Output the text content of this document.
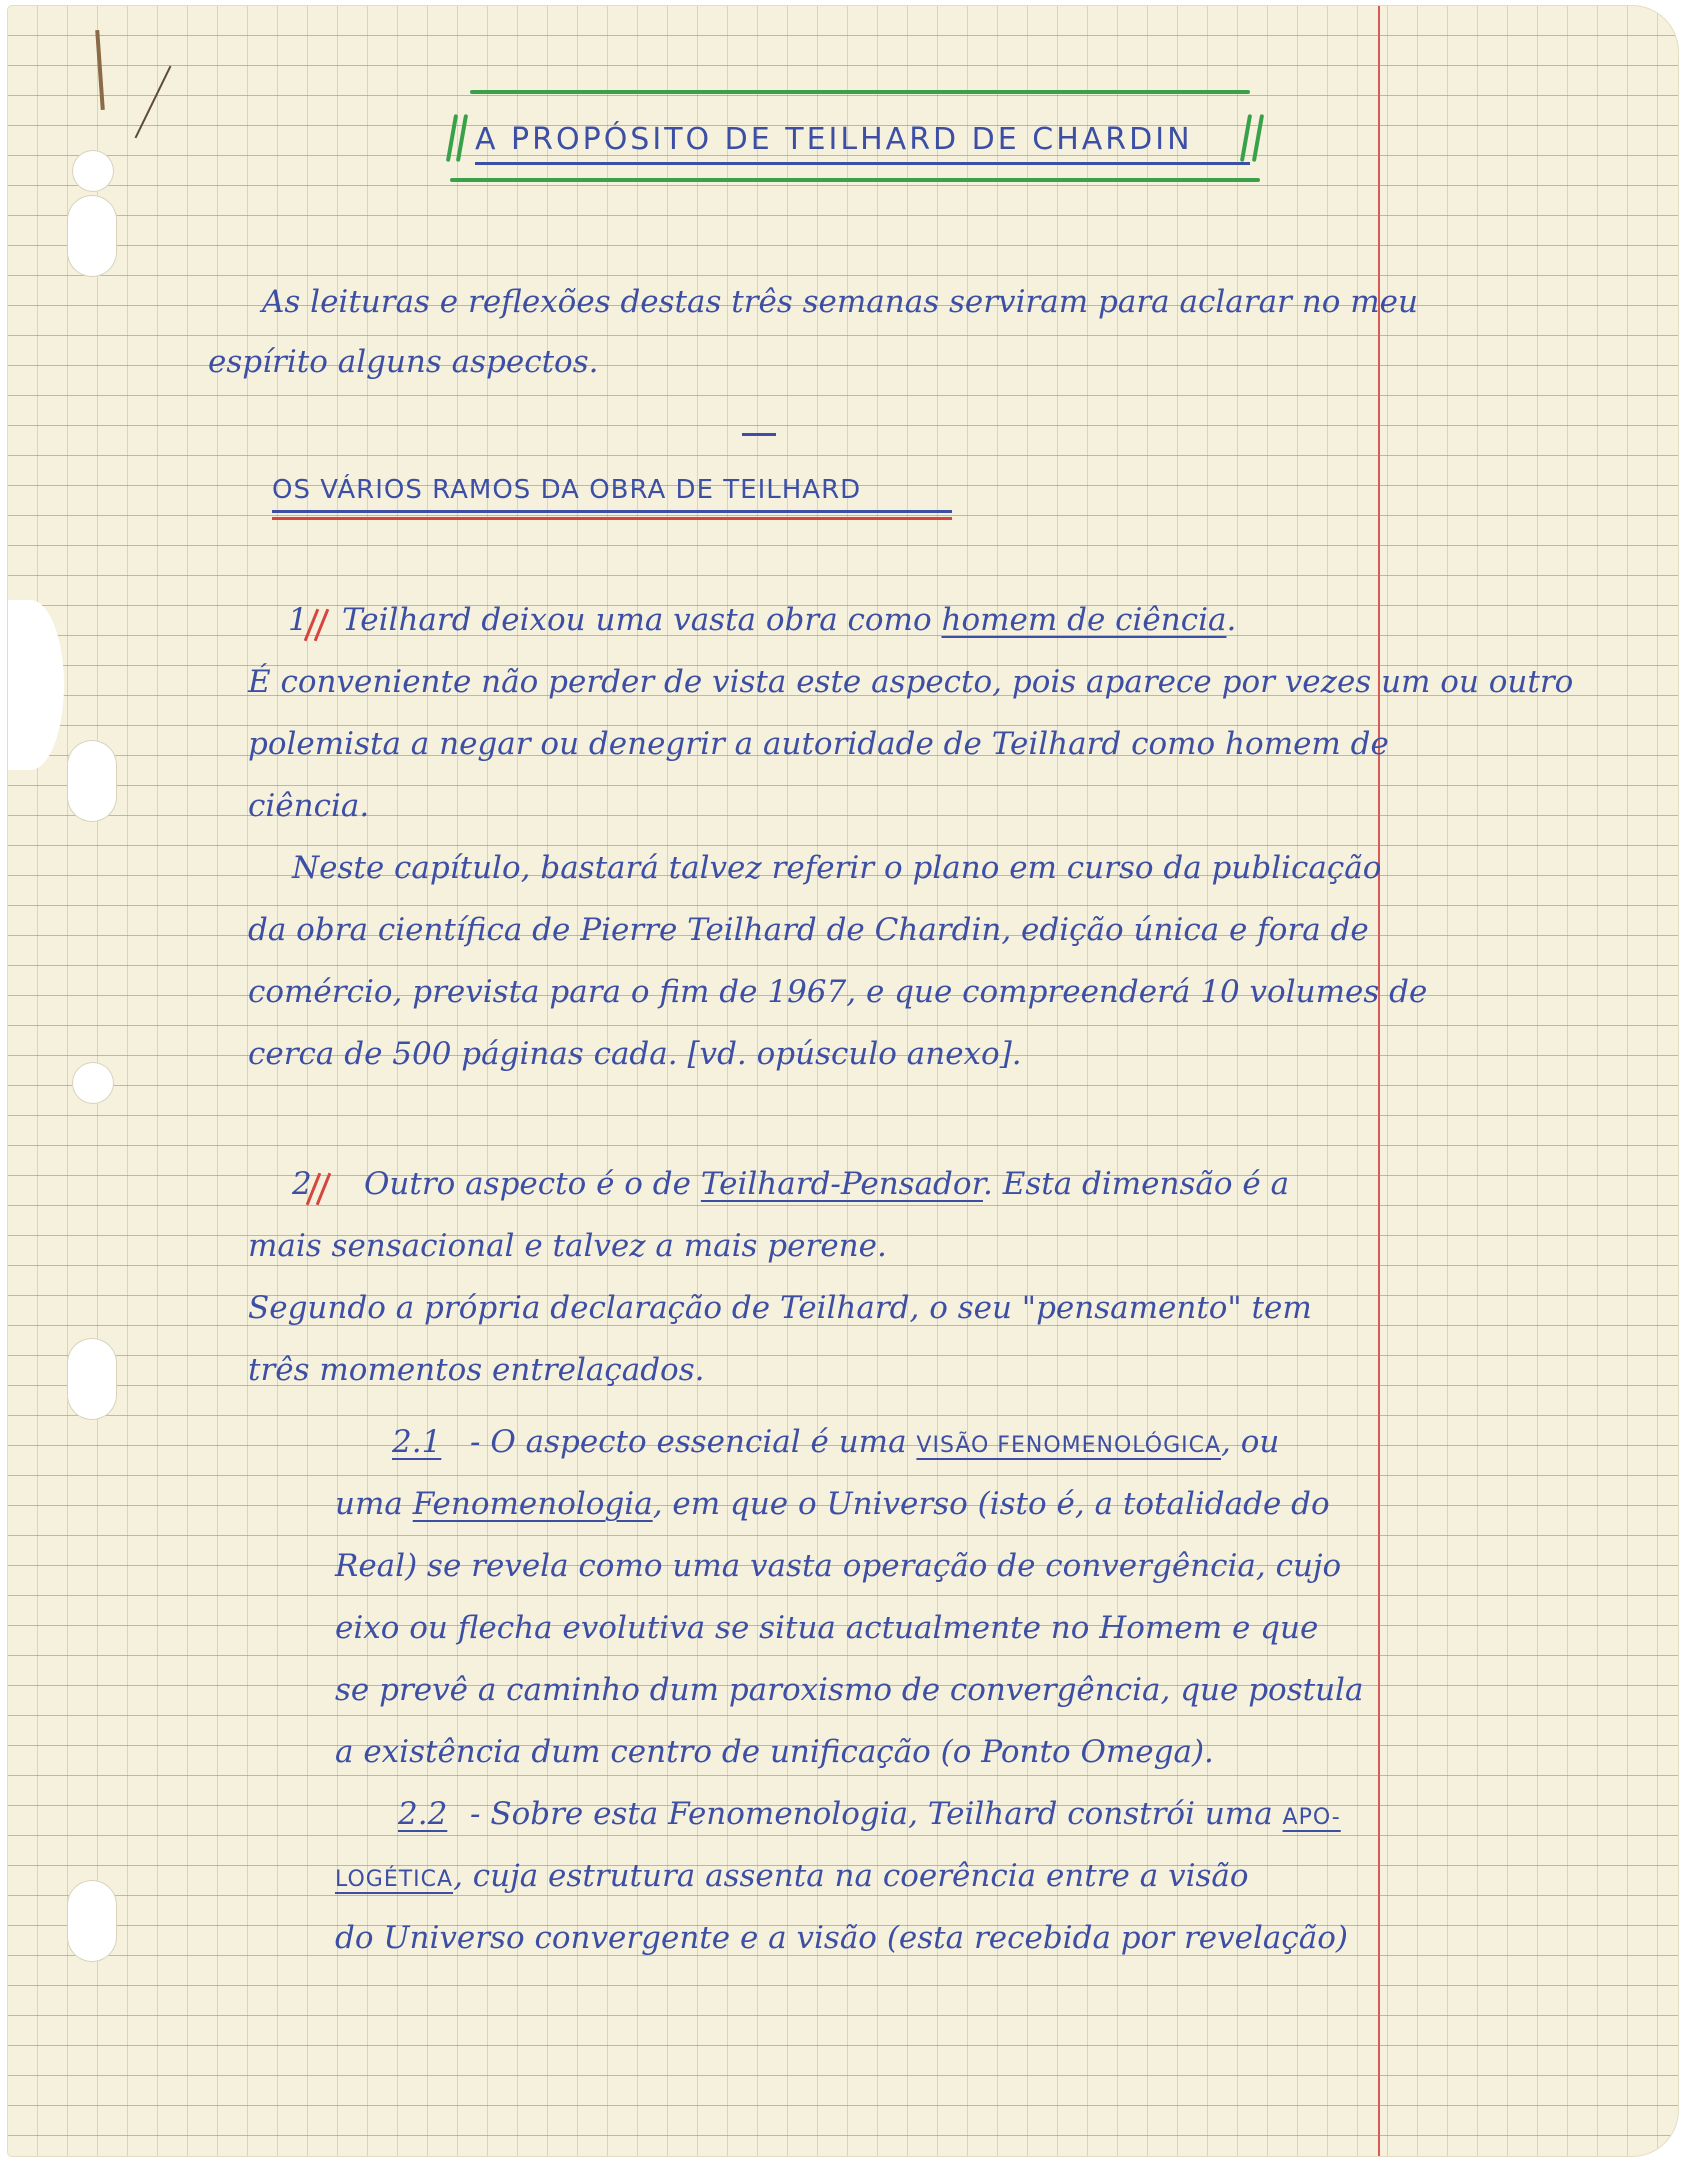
A PROPÓSITO DE TEILHARD DE CHARDIN

As leituras e reflexões destas três semanas serviram para aclarar no meu

espírito alguns aspectos.

OS VÁRIOS RAMOS DA OBRA DE TEILHARD

1 Teilhard deixou uma vasta obra como homem de ciência.

É conveniente não perder de vista este aspecto, pois aparece por vezes um ou outro

polemista a negar ou denegrir a autoridade de Teilhard como homem de

ciência.

Neste capítulo, bastará talvez referir o plano em curso da publicação

da obra científica de Pierre Teilhard de Chardin, edição única e fora de

comércio, prevista para o fim de 1967, e que compreenderá 10 volumes de

cerca de 500 páginas cada. [vd. opúsculo anexo].

2 Outro aspecto é o de Teilhard-Pensador. Esta dimensão é a

mais sensacional e talvez a mais perene.

Segundo a própria declaração de Teilhard, o seu "pensamento" tem

três momentos entrelaçados.

2.1 - O aspecto essencial é uma VISÃO FENOMENOLÓGICA, ou

uma Fenomenologia, em que o Universo (isto é, a totalidade do

Real) se revela como uma vasta operação de convergência, cujo

eixo ou flecha evolutiva se situa actualmente no Homem e que

se prevê a caminho dum paroxismo de convergência, que postula

a existência dum centro de unificação (o Ponto Omega).

2.2 - Sobre esta Fenomenologia, Teilhard constrói uma APO-

LOGÉTICA, cuja estrutura assenta na coerência entre a visão

do Universo convergente e a visão (esta recebida por revelação)
